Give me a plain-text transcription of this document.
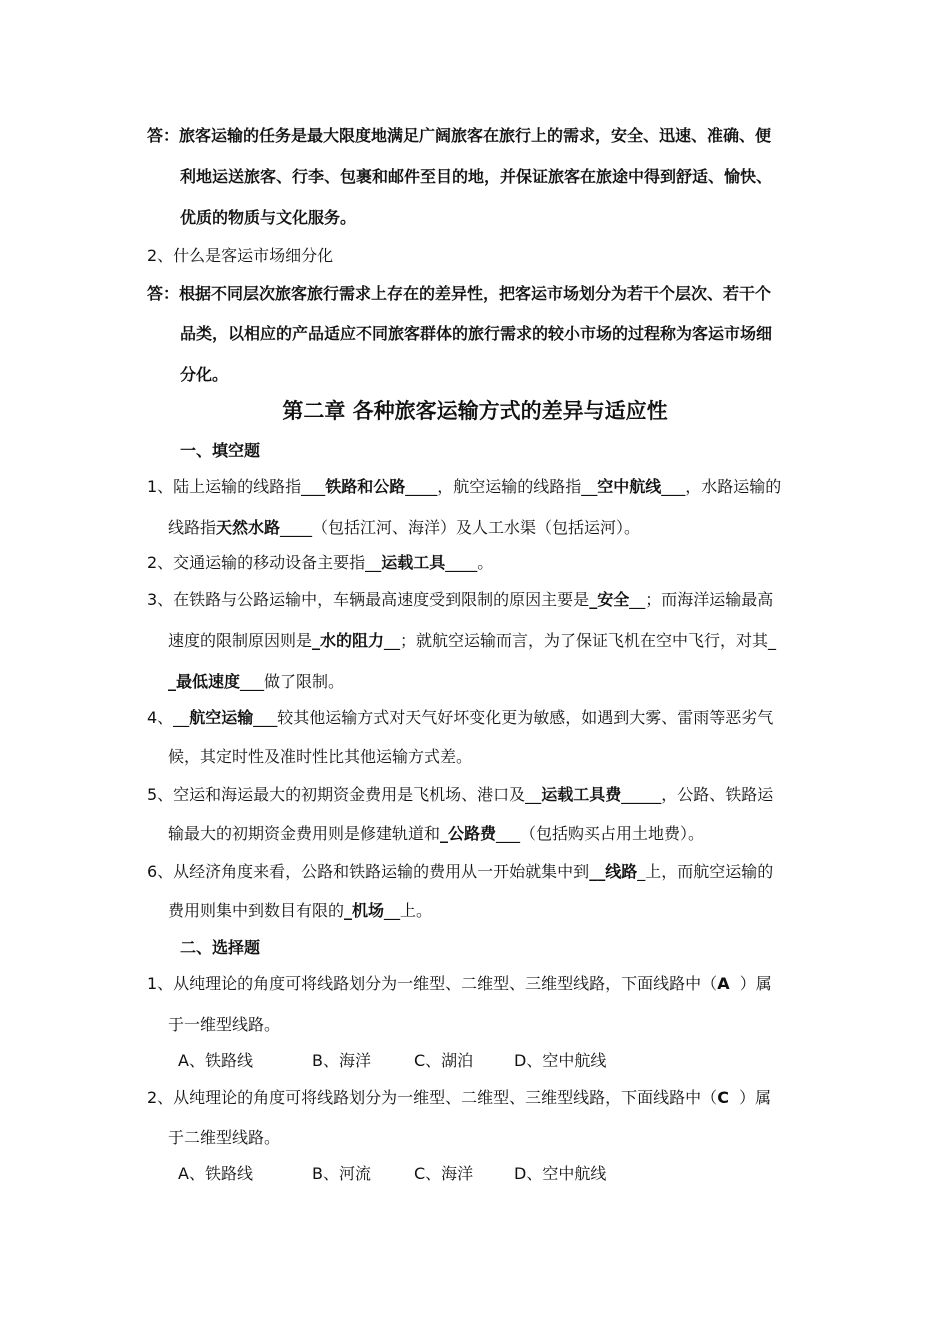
答：旅客运输的任务是最大限度地满足广阔旅客在旅行上的需求，安全、迅速、准确、便
利地运送旅客、行李、包裹和邮件至目的地，并保证旅客在旅途中得到舒适、愉快、
优质的物质与文化服务。
2、什么是客运市场细分化
答：根据不同层次旅客旅行需求上存在的差异性，把客运市场划分为若干个层次、若干个
品类，以相应的产品适应不同旅客群体的旅行需求的较小市场的过程称为客运市场细
分化。
第二章 各种旅客运输方式的差异与适应性
一、填空题
1、陆上运输的线路指___铁路和公路____，航空运输的线路指__空中航线___，水路运输的
线路指天然水路____（包括江河、海洋）及人工水渠（包括运河）。
2、交通运输的移动设备主要指__运载工具____。
3、在铁路与公路运输中，车辆最高速度受到限制的原因主要是_安全__；而海洋运输最高
速度的限制原因则是_水的阻力__；就航空运输而言，为了保证飞机在空中飞行，对其_
_最低速度___做了限制。
4、__航空运输___较其他运输方式对天气好坏变化更为敏感，如遇到大雾、雷雨等恶劣气
候，其定时性及准时性比其他运输方式差。
5、空运和海运最大的初期资金费用是飞机场、港口及__运载工具费_____，公路、铁路运
输最大的初期资金费用则是修建轨道和_公路费___（包括购买占用土地费）。
6、从经济角度来看，公路和铁路运输的费用从一开始就集中到__线路_上，而航空运输的
费用则集中到数目有限的_机场__上。
二、选择题
1、从纯理论的角度可将线路划分为一维型、二维型、三维型线路，下面线路中（A  ）属
于一维型线路。
A、铁路线	B、海洋	C、湖泊	D、空中航线
2、从纯理论的角度可将线路划分为一维型、二维型、三维型线路，下面线路中（C  ）属
于二维型线路。
A、铁路线	B、河流	C、海洋	D、空中航线
